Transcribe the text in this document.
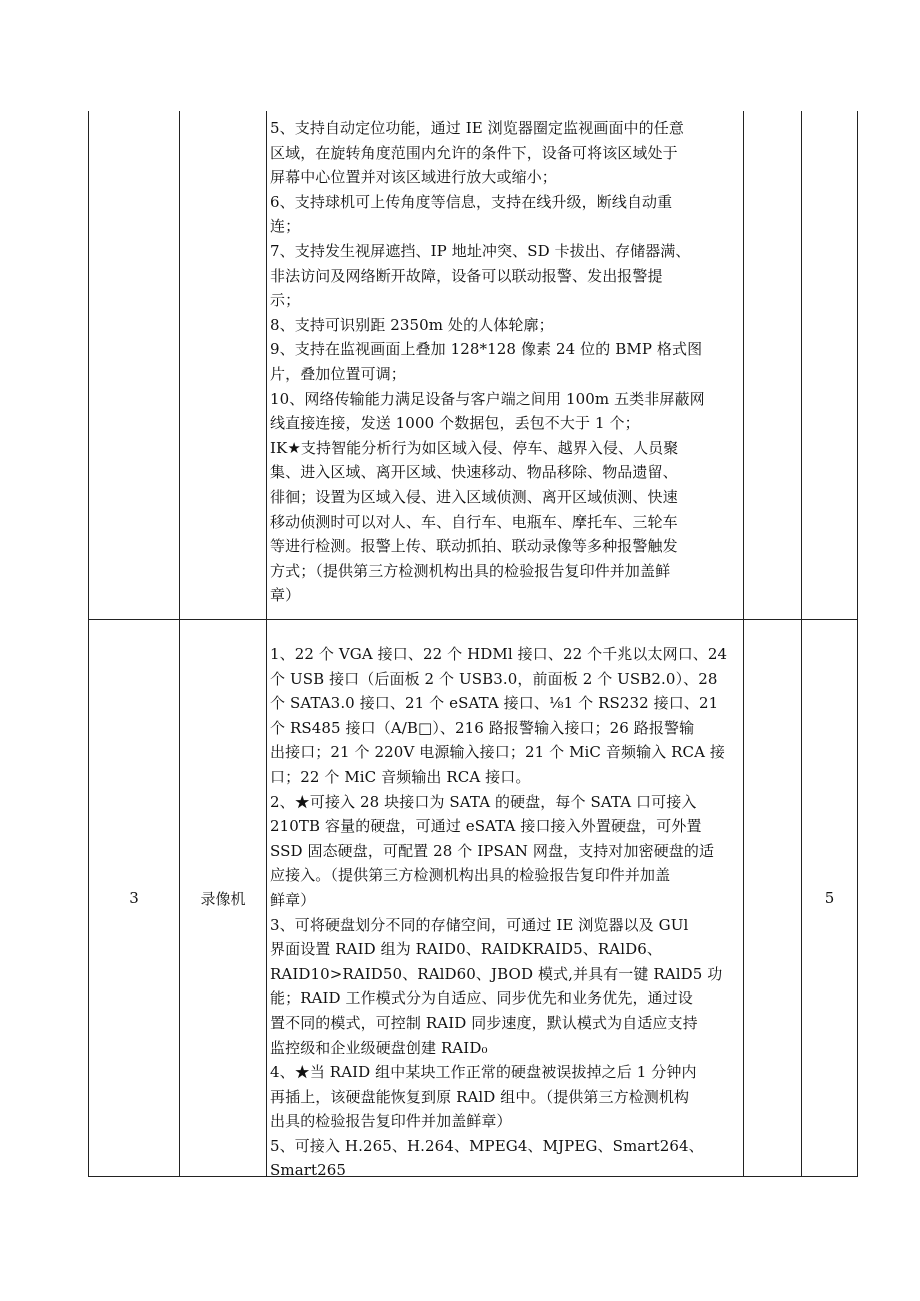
5、支持自动定位功能，通过 IE 浏览器圈定监视画面中的任意
区域，在旋转角度范围内允许的条件下，设备可将该区域处于
屏幕中心位置并对该区域进行放大或缩小；
6、支持球机可上传角度等信息，支持在线升级，断线自动重
连；
7、支持发生视屏遮挡、IP 地址冲突、SD 卡拔出、存储器满、
非法访问及网络断开故障，设备可以联动报警、发出报警提
示；
8、支持可识别距 2350m 处的人体轮廓；
9、支持在监视画面上叠加 128*128 像素 24 位的 BMP 格式图
片，叠加位置可调；
10、网络传输能力满足设备与客户端之间用 100m 五类非屏蔽网
线直接连接，发送 1000 个数据包，丢包不大于 1 个；
IK★支持智能分析行为如区域入侵、停车、越界入侵、人员聚
集、进入区域、离开区域、快速移动、物品移除、物品遗留、
徘徊；设置为区域入侵、进入区域侦测、离开区域侦测、快速
移动侦测时可以对人、车、自行车、电瓶车、摩托车、三轮车
等进行检测。报警上传、联动抓拍、联动录像等多种报警触发
方式；（提供第三方检测机构出具的检验报告复印件并加盖鲜
章）
3	录像机
1、22 个 VGA 接口、22 个 HDMl 接口、22 个千兆以太网口、24
个 USB 接口（后面板 2 个 USB3.0，前面板 2 个 USB2.0）、28
个 SATA3.0 接口、21 个 eSATA 接口、⅛1 个 RS232 接口、21
个 RS485 接口（A/B□）、216 路报警输入接口；26 路报警输
出接口；21 个 220V 电源输入接口；21 个 MiC 音频输入 RCA 接
口；22 个 MiC 音频输出 RCA 接口。
2、★可接入 28 块接口为 SATA 的硬盘，每个 SATA 口可接入
210TB 容量的硬盘，可通过 eSATA 接口接入外置硬盘，可外置
SSD 固态硬盘，可配置 28 个 IPSAN 网盘，支持对加密硬盘的适
应接入。（提供第三方检测机构出具的检验报告复印件并加盖
鲜章）
3、可将硬盘划分不同的存储空间，可通过 IE 浏览器以及 GUl
界面设置 RAID 组为 RAID0、RAIDKRAID5、RAlD6、
RAID10>RAID50、RAlD60、JBOD 模式,并具有一键 RAlD5 功
能；RAID 工作模式分为自适应、同步优先和业务优先，通过设
置不同的模式，可控制 RAID 同步速度，默认模式为自适应支持
监控级和企业级硬盘创建 RAID₀
4、★当 RAID 组中某块工作正常的硬盘被误拔掉之后 1 分钟内
再插上，该硬盘能恢复到原 RAlD 组中。（提供第三方检测机构
出具的检验报告复印件并加盖鲜章）
5、可接入 H.265、H.264、MPEG4、MJPEG、Smart264、
Smart265
5
